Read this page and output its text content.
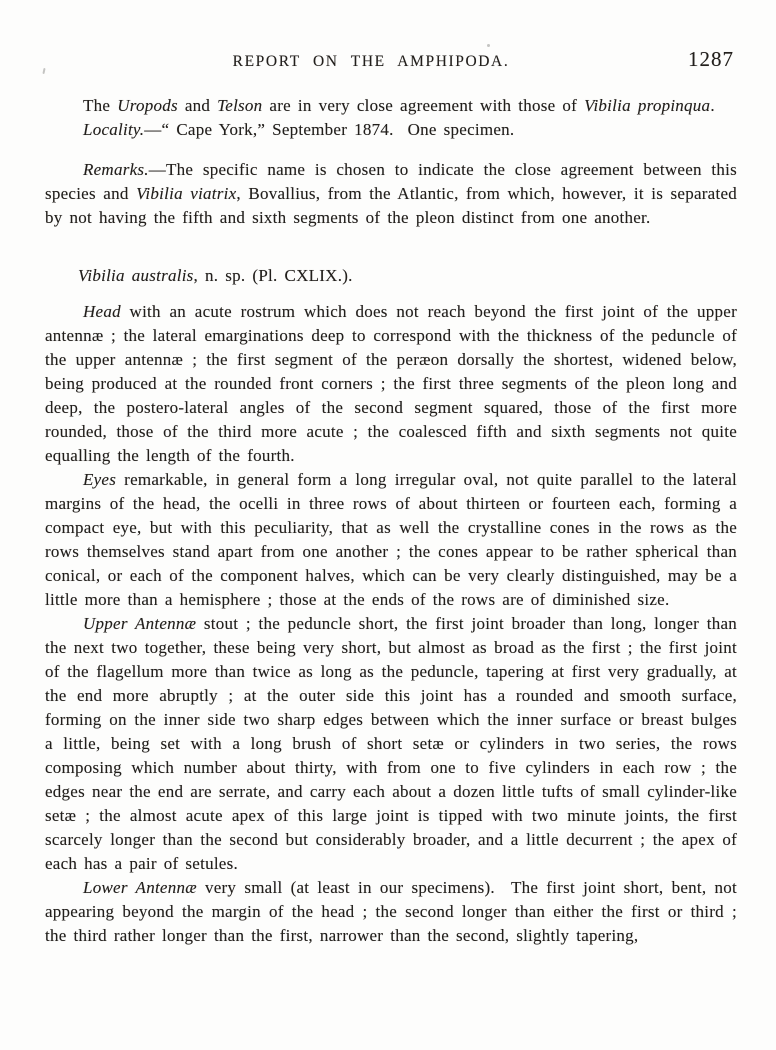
REPORT ON THE AMPHIPODA.	1287

The Uropods and Telson are in very close agreement with those of Vibilia propinqua.

Locality.—“ Cape York,” September 1874.  One specimen.

Remarks.—The specific name is chosen to indicate the close agreement between this species and Vibilia viatrix, Bovallius, from the Atlantic, from which, however, it is separated by not having the fifth and sixth segments of the pleon distinct from one another.

Vibilia australis, n. sp. (Pl. CXLIX.).

Head with an acute rostrum which does not reach beyond the first joint of the upper antennæ ; the lateral emarginations deep to correspond with the thickness of the peduncle of the upper antennæ ; the first segment of the peræon dorsally the shortest, widened below, being produced at the rounded front corners ; the first three segments of the pleon long and deep, the postero-lateral angles of the second segment squared, those of the first more rounded, those of the third more acute ; the coalesced fifth and sixth segments not quite equalling the length of the fourth.

Eyes remarkable, in general form a long irregular oval, not quite parallel to the lateral margins of the head, the ocelli in three rows of about thirteen or fourteen each, forming a compact eye, but with this peculiarity, that as well the crystalline cones in the rows as the rows themselves stand apart from one another ; the cones appear to be rather spherical than conical, or each of the component halves, which can be very clearly distinguished, may be a little more than a hemisphere ; those at the ends of the rows are of diminished size.

Upper Antennæ stout ; the peduncle short, the first joint broader than long, longer than the next two together, these being very short, but almost as broad as the first ; the first joint of the flagellum more than twice as long as the peduncle, tapering at first very gradually, at the end more abruptly ; at the outer side this joint has a rounded and smooth surface, forming on the inner side two sharp edges between which the inner surface or breast bulges a little, being set with a long brush of short setæ or cylinders in two series, the rows composing which number about thirty, with from one to five cylinders in each row ; the edges near the end are serrate, and carry each about a dozen little tufts of small cylinder-like setæ ; the almost acute apex of this large joint is tipped with two minute joints, the first scarcely longer than the second but considerably broader, and a little decurrent ; the apex of each has a pair of setules.

Lower Antennæ very small (at least in our specimens).  The first joint short, bent, not appearing beyond the margin of the head ; the second longer than either the first or third ; the third rather longer than the first, narrower than the second, slightly tapering,
